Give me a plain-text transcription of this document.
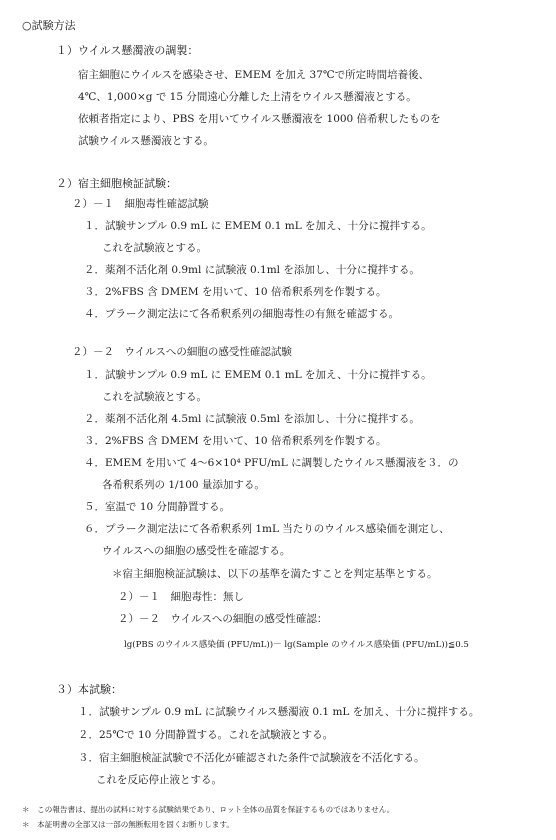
○試験方法
１）ウイルス懸濁液の調製：
宿主細胞にウイルスを感染させ、EMEM を加え 37℃で所定時間培養後、
4℃、1,000×g で 15 分間遠心分離した上清をウイルス懸濁液とする。
依頼者指定により、PBS を用いてウイルス懸濁液を 1000 倍希釈したものを
試験ウイルス懸濁液とする。
２）宿主細胞検証試験：
２）－１　細胞毒性確認試験
１．試験サンプル 0.9 mL に EMEM 0.1 mL を加え、十分に撹拌する。
これを試験液とする。
２．薬剤不活化剤 0.9ml に試験液 0.1ml を添加し、十分に撹拌する。
３．2%FBS 含 DMEM を用いて、10 倍希釈系列を作製する。
４．プラーク測定法にて各希釈系列の細胞毒性の有無を確認する。
２）－２　ウイルスへの細胞の感受性確認試験
１．試験サンプル 0.9 mL に EMEM 0.1 mL を加え、十分に撹拌する。
これを試験液とする。
２．薬剤不活化剤 4.5ml に試験液 0.5ml を添加し、十分に撹拌する。
３．2%FBS 含 DMEM を用いて、10 倍希釈系列を作製する。
４．EMEM を用いて 4～6×10⁴ PFU/mL に調製したウイルス懸濁液を３．の
各希釈系列の 1/100 量添加する。
５．室温で 10 分間静置する。
６．プラーク測定法にて各希釈系列 1mL 当たりのウイルス感染価を測定し、
ウイルスへの細胞の感受性を確認する。
＊宿主細胞検証試験は、以下の基準を満たすことを判定基準とする。
２）－１　細胞毒性：無し
２）－２　ウイルスへの細胞の感受性確認：
lg(PBS のウイルス感染価 (PFU/mL))－ lg(Sample のウイルス感染価 (PFU/mL))≦0.5
３）本試験：
１．試験サンプル 0.9 mL に試験ウイルス懸濁液 0.1 mL を加え、十分に撹拌する。
２．25℃で 10 分間静置する。これを試験液とする。
３．宿主細胞検証試験で不活化が確認された条件で試験液を不活化する。
これを反応停止液とする。
＊　この報告書は、提出の試料に対する試験結果であり、ロット全体の品質を保証するものではありません。
＊　本証明書の全部又は一部の無断転用を固くお断りします。
